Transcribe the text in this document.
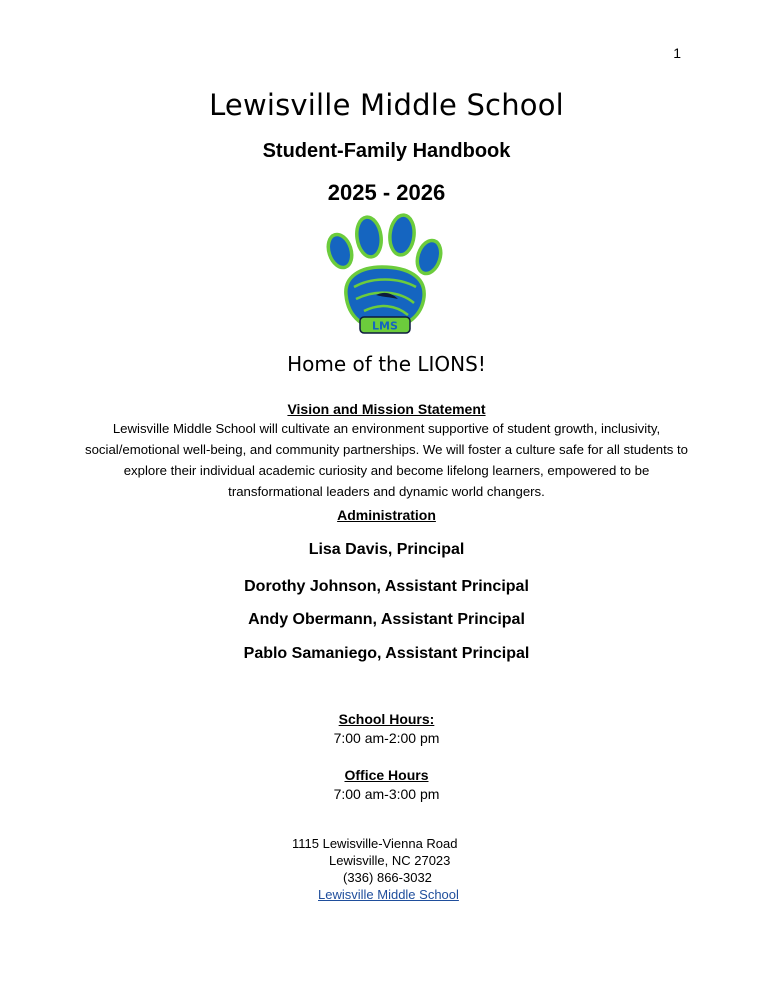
1
Lewisville Middle School
Student-Family Handbook
2025 - 2026
LMS
Home of the LIONS!
Vision and Mission Statement
Lewisville Middle School will cultivate an environment supportive of student growth, inclusivity,
social/emotional well-being, and community partnerships. We will foster a culture safe for all students to
explore their individual academic curiosity and become lifelong learners, empowered to be
transformational leaders and dynamic world changers.
Administration
Lisa Davis, Principal
Dorothy Johnson, Assistant Principal
Andy Obermann, Assistant Principal
Pablo Samaniego, Assistant Principal
School Hours:
7:00 am-2:00 pm
Office Hours
7:00 am-3:00 pm
1115 Lewisville-Vienna Road
Lewisville, NC 27023
(336) 866-3032
Lewisville Middle School
